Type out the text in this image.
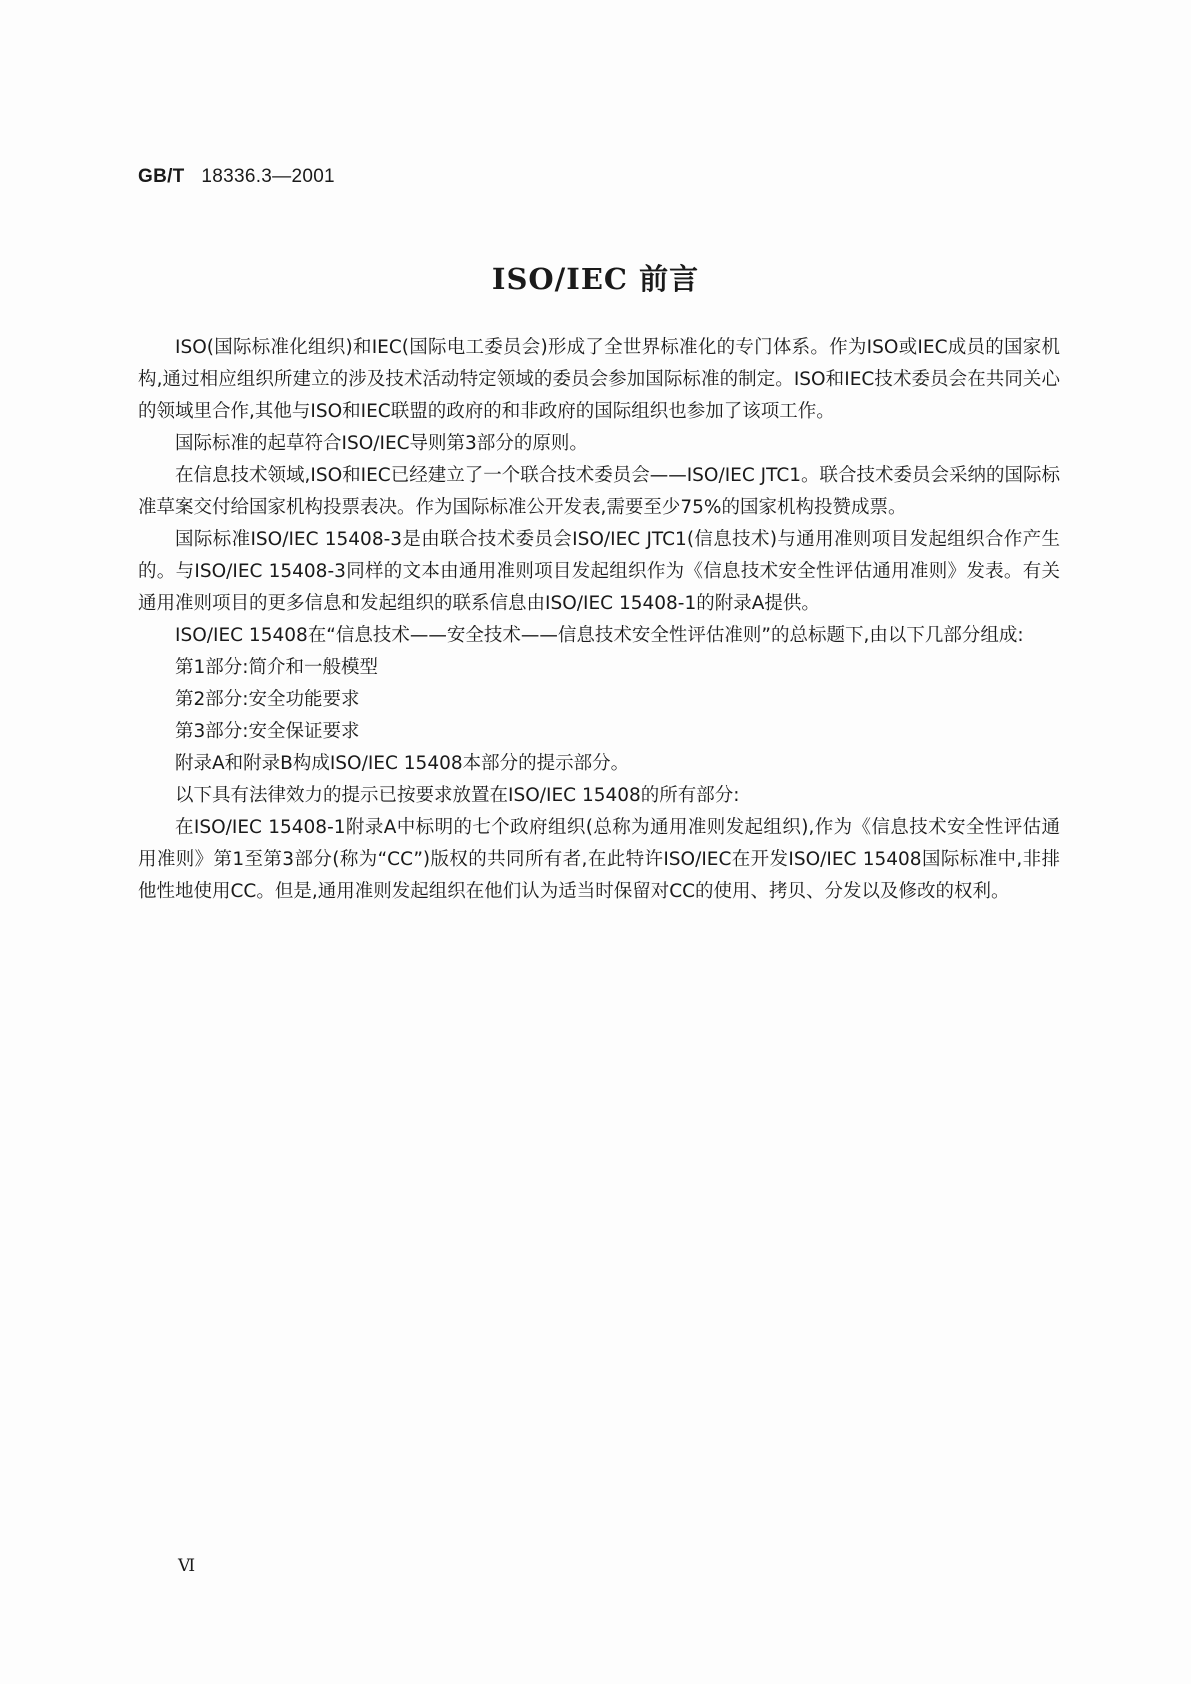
GB/T 18336.3—2001
ISO/IEC 前言

ISO(国际标准化组织)和IEC(国际电工委员会)形成了全世界标准化的专门体系。作为ISO或IEC成员的国家机构,通过相应组织所建立的涉及技术活动特定领域的委员会参加国际标准的制定。ISO和IEC技术委员会在共同关心的领域里合作,其他与ISO和IEC联盟的政府的和非政府的国际组织也参加了该项工作。

国际标准的起草符合ISO/IEC导则第3部分的原则。

在信息技术领域,ISO和IEC已经建立了一个联合技术委员会——ISO/IEC JTC1。联合技术委员会采纳的国际标准草案交付给国家机构投票表决。作为国际标准公开发表,需要至少75%的国家机构投赞成票。

国际标准ISO/IEC 15408-3是由联合技术委员会ISO/IEC JTC1(信息技术)与通用准则项目发起组织合作产生的。与ISO/IEC 15408-3同样的文本由通用准则项目发起组织作为《信息技术安全性评估通用准则》发表。有关通用准则项目的更多信息和发起组织的联系信息由ISO/IEC 15408-1的附录A提供。

ISO/IEC 15408在“信息技术——安全技术——信息技术安全性评估准则”的总标题下,由以下几部分组成:

第1部分:简介和一般模型

第2部分:安全功能要求

第3部分:安全保证要求

附录A和附录B构成ISO/IEC 15408本部分的提示部分。

以下具有法律效力的提示已按要求放置在ISO/IEC 15408的所有部分:

在ISO/IEC 15408-1附录A中标明的七个政府组织(总称为通用准则发起组织),作为《信息技术安全性评估通用准则》第1至第3部分(称为“CC”)版权的共同所有者,在此特许ISO/IEC在开发ISO/IEC 15408国际标准中,非排他性地使用CC。但是,通用准则发起组织在他们认为适当时保留对CC的使用、拷贝、分发以及修改的权利。

Ⅵ
